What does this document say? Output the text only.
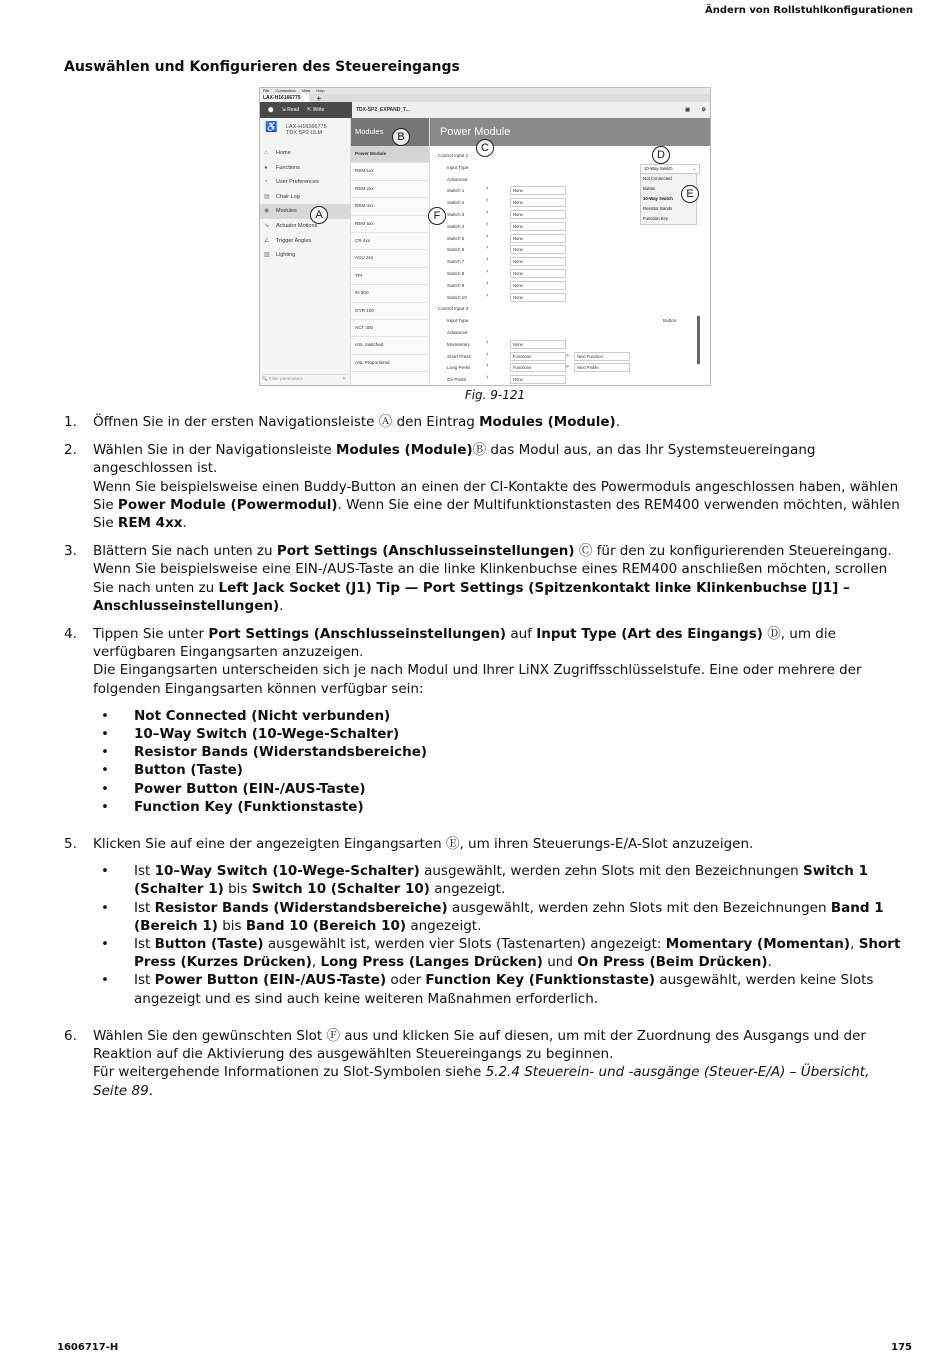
Ändern von Rollstuhlkonfigurationen
Auswählen und Konfigurieren des Steuereingangs
File Connection View Help
LAX-H16166775	+
⬤ ⇲ Read ⇱ Write	TDX-SP2_EXPAND_T...	▣ ⚙
♿ LAX-H16166775
TDX SP2 ULM
⌂ Home
● Functions
◔ User Preferences
▤ Chair Log
◉ Modules
↘ Actuator Motions
∠ Trigger Angles
▥ Lighting
🔍 Filter parameters	✕
Modules
Power Module
REM 1xx
REM 2xx
REM 4xx
REM 5xx
CR 4xx
ACU 2xx
TPI
IN 500
GYR 100
ACT 400
ASL Switched
ASL Proportional
Power Module
Control Input 2
Input Type
Advanced
Switch 1	›	None
Switch 2	›	None
Switch 3	›	None
Switch 4	›	None
Switch 5	›	None
Switch 6	›	None
Switch 7	›	None
Switch 8	›	None
Switch 9	›	None
Switch 10	›	None
Control Input 3
Input Type	Button
Advanced
Momentary ›	None
Short Press ›	Functions	>	Next Function
Long Press ›	Functions	>	Next Profile
On Press	›	None
10-Way Switch	⌄
Not Connected
Button
10-Way Switch
Resistor Bands
Function Key
A
B
C
D
E
F
Fig. 9-121
1.	Öffnen Sie in der ersten Navigationsleiste Ⓐ den Eintrag Modules (Module).

2.	Wählen Sie in der Navigationsleiste Modules (Module)Ⓑ das Modul aus, an das Ihr Systemsteuereingang angeschlossen ist.

Wenn Sie beispielsweise einen Buddy-Button an einen der CI-Kontakte des Powermoduls angeschlossen haben, wählen Sie Power Module (Powermodul). Wenn Sie eine der Multifunktionstasten des REM400 verwenden möchten, wählen Sie REM 4xx.

3.	Blättern Sie nach unten zu Port Settings (Anschlusseinstellungen) Ⓒ für den zu konfigurierenden Steuereingang.

Wenn Sie beispielsweise eine EIN-/AUS-Taste an die linke Klinkenbuchse eines REM400 anschließen möchten, scrollen Sie nach unten zu Left Jack Socket (J1) Tip — Port Settings (Spitzenkontakt linke Klinkenbuchse [J1] – Anschlusseinstellungen).

4.	Tippen Sie unter Port Settings (Anschlusseinstellungen) auf Input Type (Art des Eingangs) Ⓓ, um die verfügbaren Eingangsarten anzuzeigen.

Die Eingangsarten unterscheiden sich je nach Modul und Ihrer LiNX Zugriffsschlüsselstufe. Eine oder mehrere der folgenden Eingangsarten können verfügbar sein:

•	Not Connected (Nicht verbunden)
•	10–Way Switch (10-Wege-Schalter)
•	Resistor Bands (Widerstandsbereiche)
•	Button (Taste)
•	Power Button (EIN-/AUS-Taste)
•	Function Key (Funktionstaste)
5.	Klicken Sie auf eine der angezeigten Eingangsarten Ⓔ, um ihren Steuerungs-E/A-Slot anzuzeigen.

•	Ist 10–Way Switch (10-Wege-Schalter) ausgewählt, werden zehn Slots mit den Bezeichnungen Switch 1 (Schalter 1) bis Switch 10 (Schalter 10) angezeigt.
•	Ist Resistor Bands (Widerstandsbereiche) ausgewählt, werden zehn Slots mit den Bezeichnungen Band 1 (Bereich 1) bis Band 10 (Bereich 10) angezeigt.
•	Ist Button (Taste) ausgewählt ist, werden vier Slots (Tastenarten) angezeigt: Momentary (Momentan), Short Press (Kurzes Drücken), Long Press (Langes Drücken) und On Press (Beim Drücken).
•	Ist Power Button (EIN-/AUS-Taste) oder Function Key (Funktionstaste) ausgewählt, werden keine Slots angezeigt und es sind auch keine weiteren Maßnahmen erforderlich.
6.	Wählen Sie den gewünschten Slot Ⓕ aus und klicken Sie auf diesen, um mit der Zuordnung des Ausgangs und der Reaktion auf die Aktivierung des ausgewählten Steuereingangs zu beginnen.

Für weitergehende Informationen zu Slot-Symbolen siehe 5.2.4 Steuerein- und -ausgänge (Steuer-E/A) – Übersicht, Seite 89.

1606717-H	175
